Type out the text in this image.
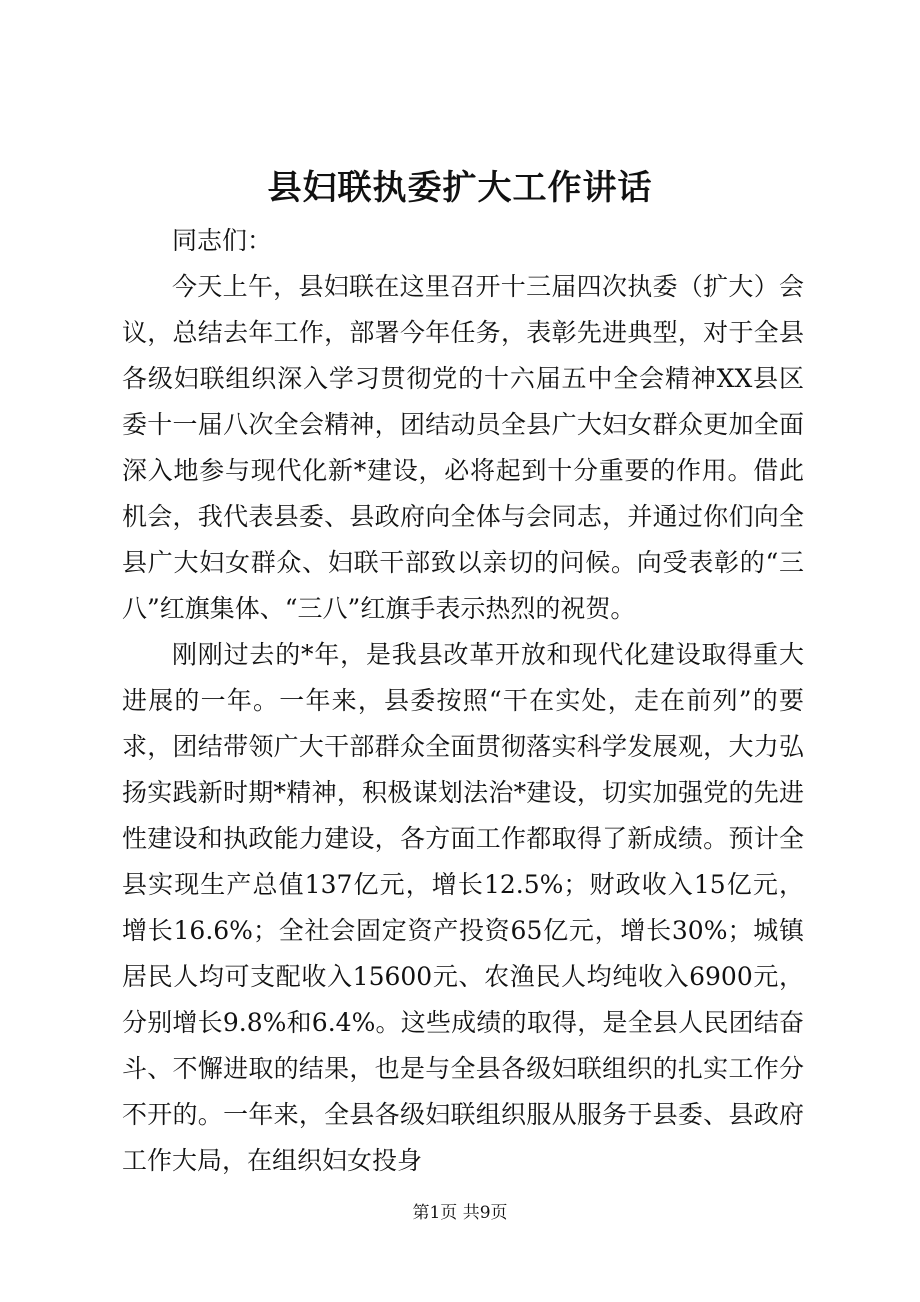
县妇联执委扩大工作讲话

同志们：

今天上午，县妇联在这里召开十三届四次执委（扩大）会议，总结去年工作，部署今年任务，表彰先进典型，对于全县各级妇联组织深入学习贯彻党的十六届五中全会精神XX县区委十一届八次全会精神，团结动员全县广大妇女群众更加全面深入地参与现代化新*建设，必将起到十分重要的作用。借此机会，我代表县委、县政府向全体与会同志，并通过你们向全县广大妇女群众、妇联干部致以亲切的问候。向受表彰的“三八”红旗集体、“三八”红旗手表示热烈的祝贺。

刚刚过去的*年，是我县改革开放和现代化建设取得重大进展的一年。一年来，县委按照“干在实处，走在前列”的要求，团结带领广大干部群众全面贯彻落实科学发展观，大力弘扬实践新时期*精神，积极谋划法治*建设，切实加强党的先进性建设和执政能力建设，各方面工作都取得了新成绩。预计全县实现生产总值137亿元，增长12.5%；财政收入15亿元，增长16.6%；全社会固定资产投资65亿元，增长30%；城镇居民人均可支配收入15600元、农渔民人均纯收入6900元，分别增长9.8%和6.4%。这些成绩的取得，是全县人民团结奋斗、不懈进取的结果，也是与全县各级妇联组织的扎实工作分不开的。一年来，全县各级妇联组织服从服务于县委、县政府工作大局，在组织妇女投身

第1页 共9页
